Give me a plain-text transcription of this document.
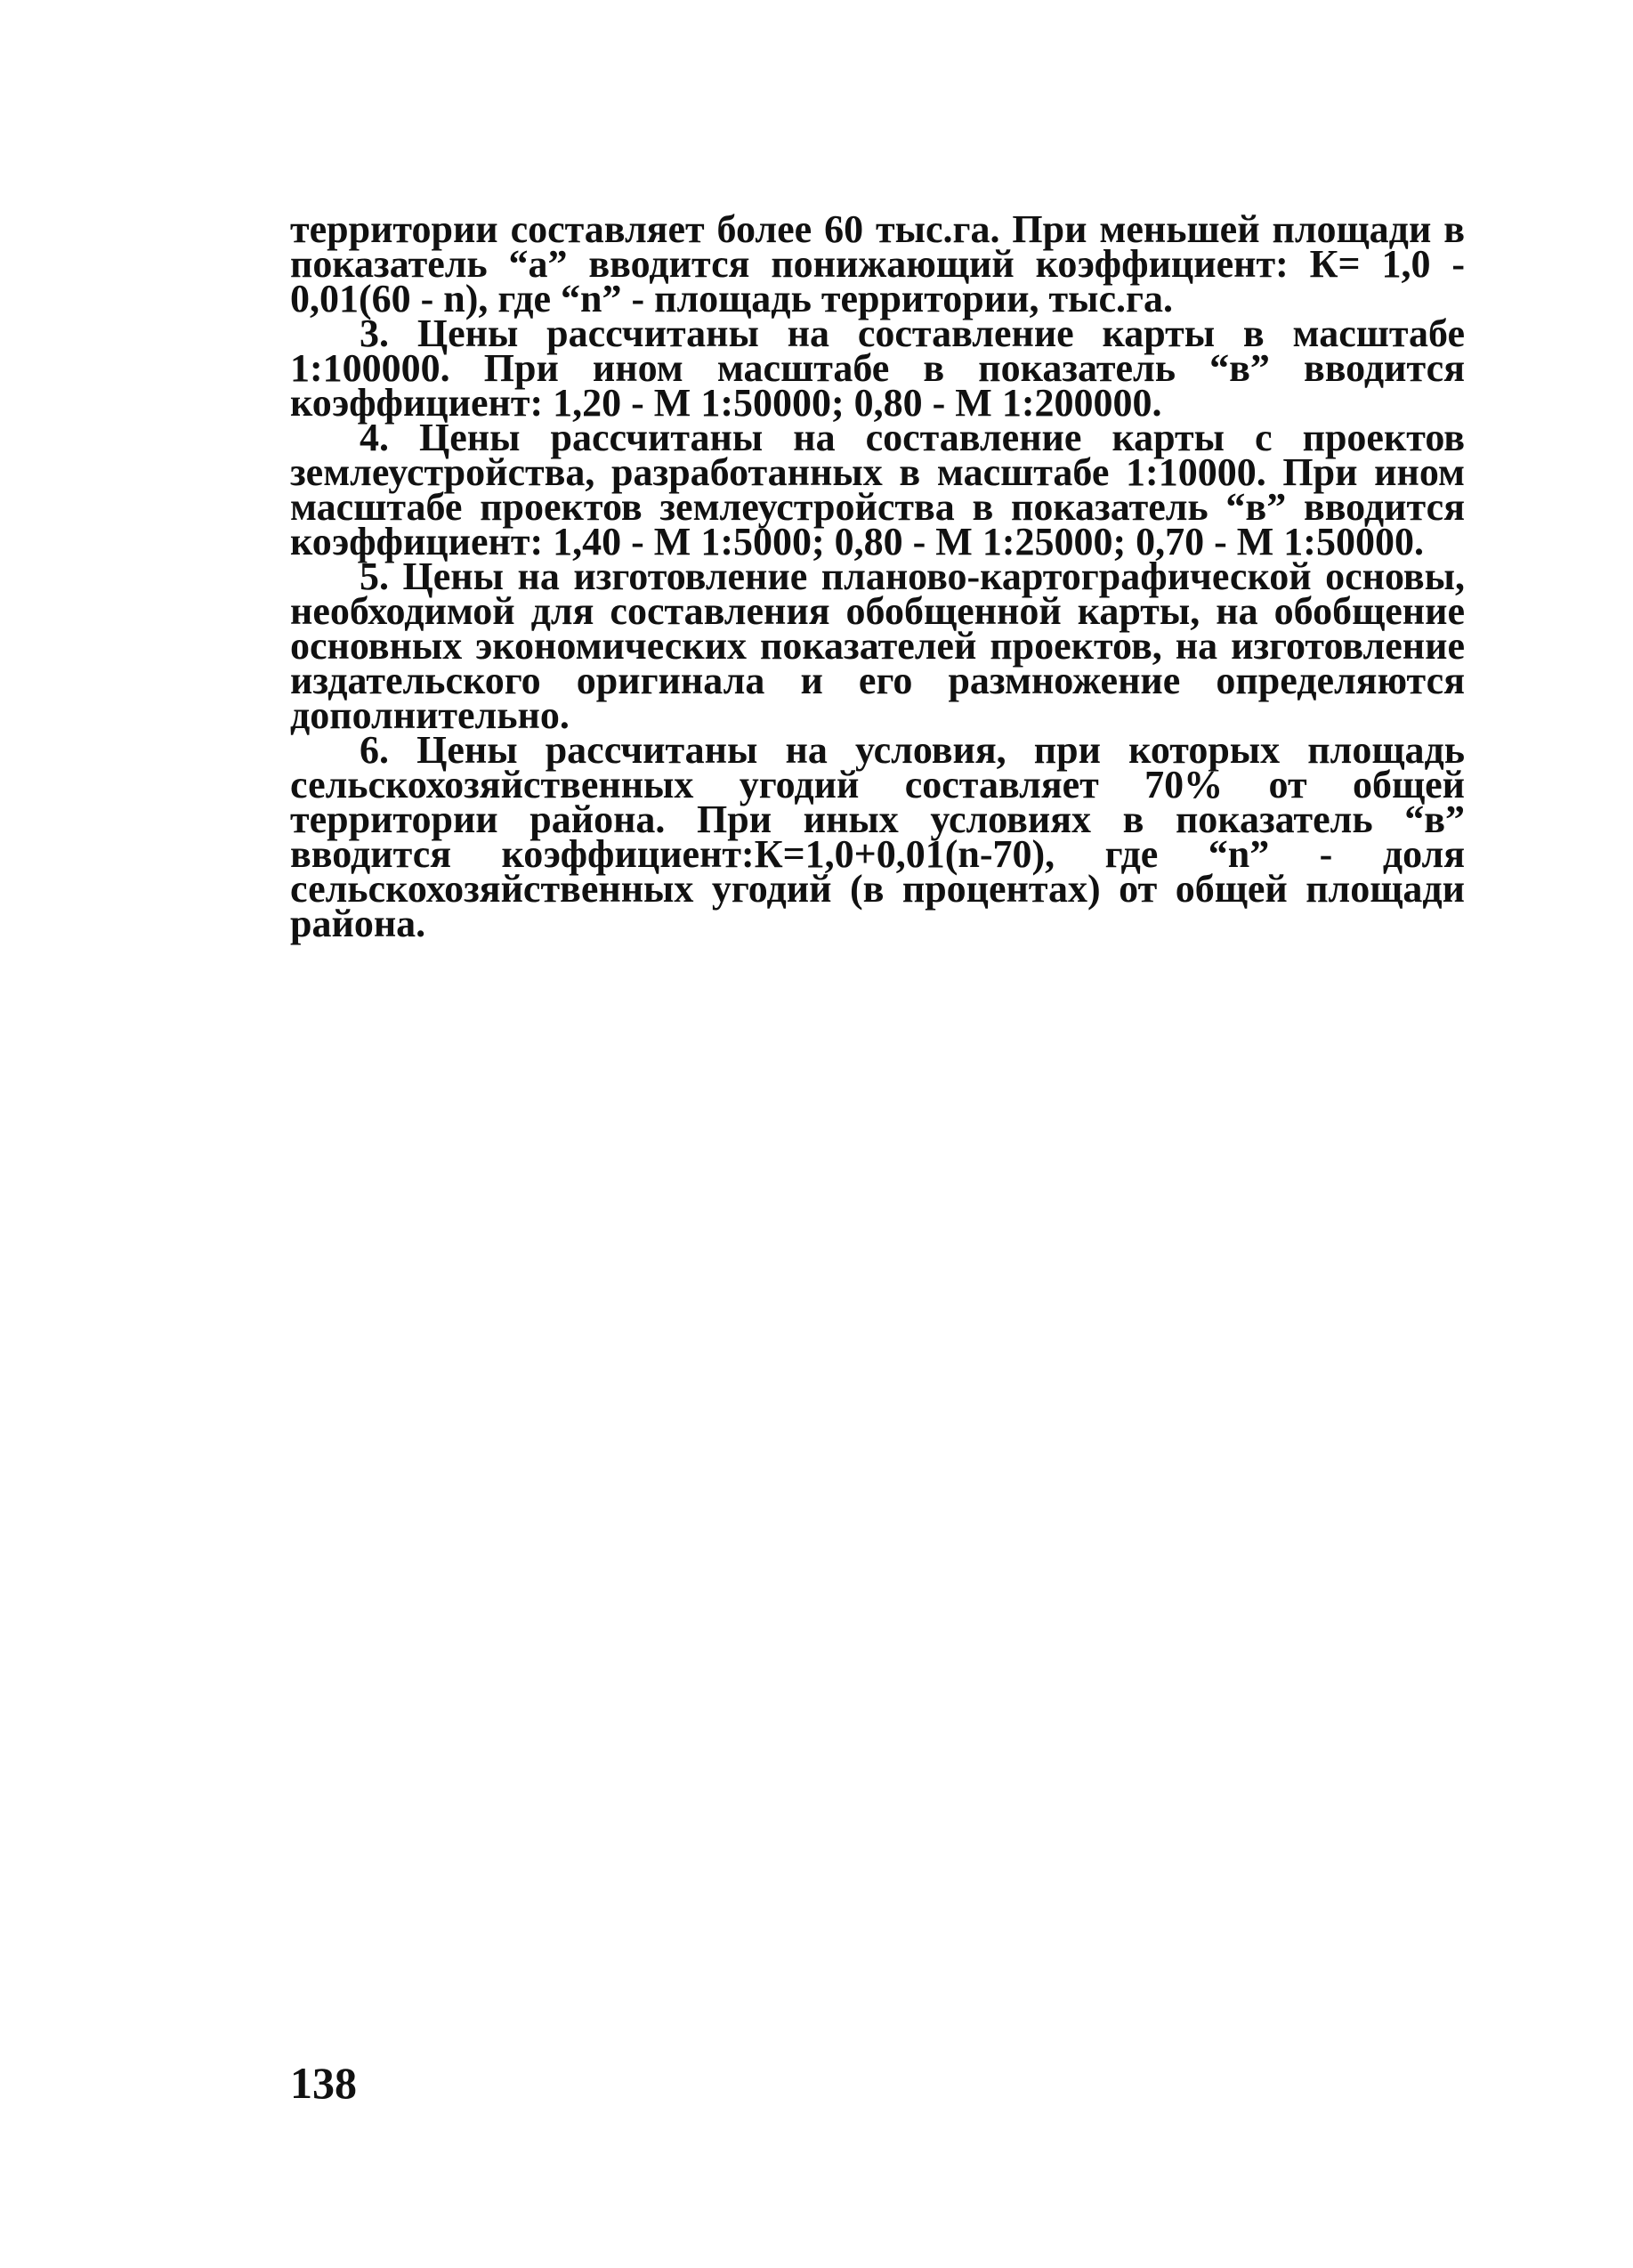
территории составляет более 60 тыс.га. При меньшей площади в показатель “а” вводится понижающий коэффициент: К= 1,0 - 0,01(60 - n), где “n” - площадь территории, тыс.га.

3. Цены рассчитаны на составление карты в масштабе 1:100000. При ином масштабе в показатель “в” вводится коэффициент: 1,20 - М 1:50000; 0,80 - М 1:200000.

4. Цены рассчитаны на составление карты с проектов землеустройства, разработанных в масштабе 1:10000. При ином масштабе проектов землеустройства в показатель “в” вводится коэффициент: 1,40 - М 1:5000; 0,80 - М 1:25000; 0,70 - М 1:50000.

5. Цены на изготовление планово-картографической основы, необходимой для составления обобщенной карты, на обобщение основных экономических показателей проектов, на изготовление издательского оригинала и его размножение определяются дополнительно.

6. Цены рассчитаны на условия, при которых площадь сельскохозяйственных угодий составляет 70% от общей территории района. При иных условиях в показатель “в” вводится коэффициент:К=1,0+0,01(n-70), где “n” - доля сельскохозяйственных угодий (в процентах) от общей площади района.

138
